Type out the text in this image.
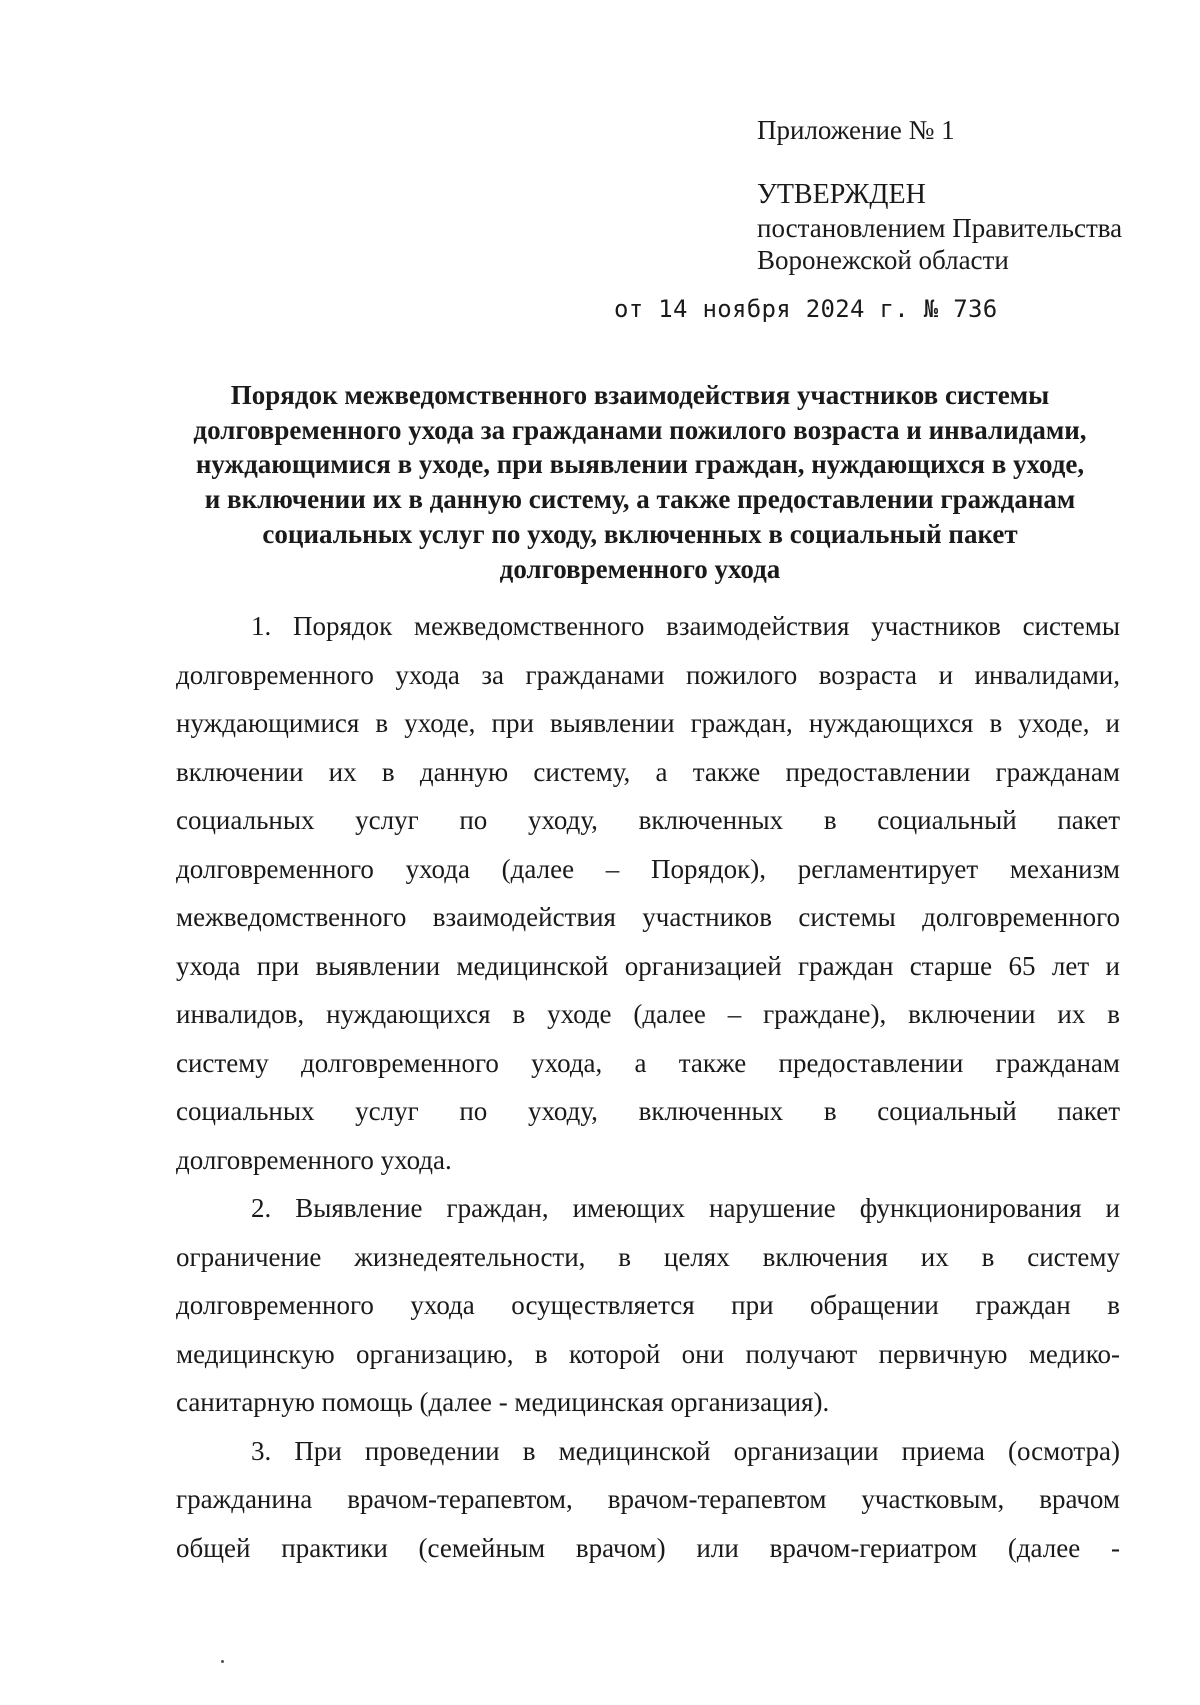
Приложение № 1
УТВЕРЖДЕН
постановлением Правительства
Воронежской области
от 14 ноября 2024 г. № 736
Порядок межведомственного взаимодействия участников системы
долговременного ухода за гражданами пожилого возраста и инвалидами,
нуждающимися в уходе, при выявлении граждан, нуждающихся в уходе,
и включении их в данную систему, а также предоставлении гражданам
социальных услуг по уходу, включенных в социальный пакет
долговременного ухода
1. Порядок межведомственного взаимодействия участников системы
долговременного ухода за гражданами пожилого возраста и инвалидами,
нуждающимися в уходе, при выявлении граждан, нуждающихся в уходе, и
включении их в данную систему, а также предоставлении гражданам
социальных услуг по уходу, включенных в социальный пакет
долговременного ухода (далее – Порядок), регламентирует механизм
межведомственного взаимодействия участников системы долговременного
ухода при выявлении медицинской организацией граждан старше 65 лет и
инвалидов, нуждающихся в уходе (далее – граждане), включении их в
систему долговременного ухода, а также предоставлении гражданам
социальных услуг по уходу, включенных в социальный пакет
долговременного ухода.
2. Выявление граждан, имеющих нарушение функционирования и
ограничение жизнедеятельности, в целях включения их в систему
долговременного ухода осуществляется при обращении граждан в
медицинскую организацию, в которой они получают первичную медико-
санитарную помощь (далее - медицинская организация).
3. При проведении в медицинской организации приема (осмотра)
гражданина врачом-терапевтом, врачом-терапевтом участковым, врачом
общей практики (семейным врачом) или врачом-гериатром (далее -
